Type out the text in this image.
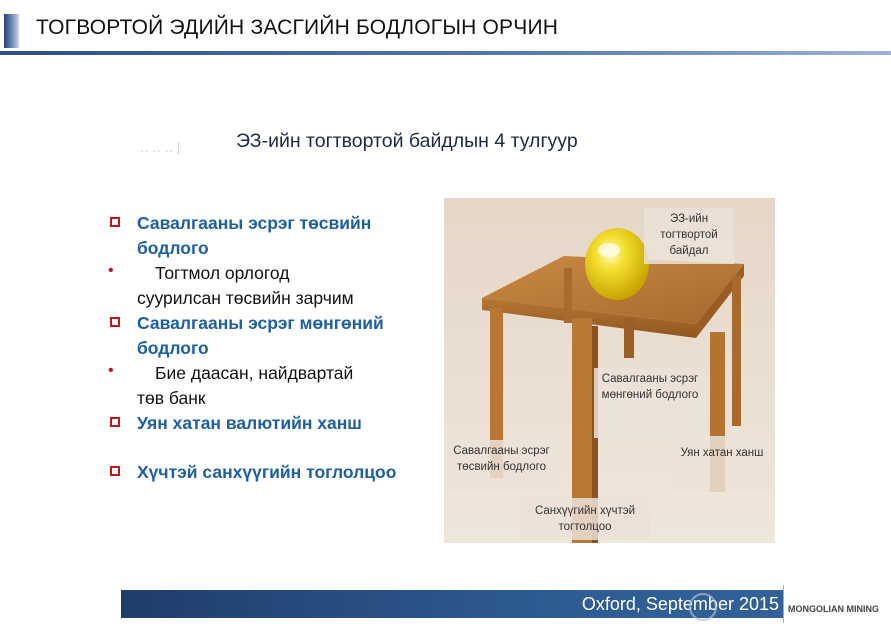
ТОГВОРТОЙ ЭДИЙН ЗАСГИЙН БОДЛОГЫН ОРЧИН
‥ ‥ ‥ ¦	ЭЗ-ийн тогтвортой байдлын 4 тулгуур

Савалгааны эсрэг төсвийн бодлого

• Тогтмол орлогод
суурилсан төсвийн зарчим

Савалгааны эсрэг мөнгөний бодлого

• Бие даасан, найдвартай
төв банк

Уян хатан валютийн ханш

Хүчтэй санхүүгийн тоглолцоо

ЭЗ-ийн тогтвортой байдал
Савалгааны эсрэг мөнгөний бодлого
Уян хатан ханш
Савалгааны эсрэг төсвийн бодлого
Санхүүгийн хүчтэй тогтолцоо
Oxford, September 2015 MONGOLIAN MINING
